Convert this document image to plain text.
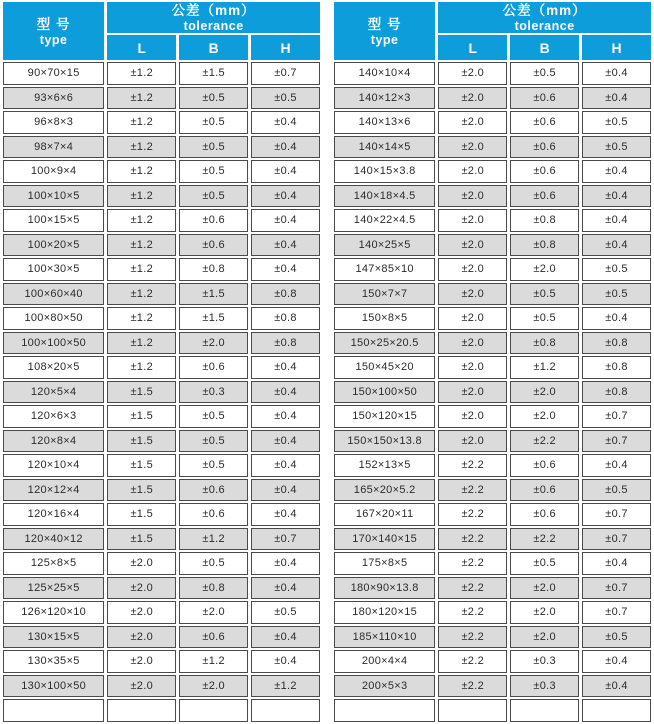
型 号
type

公差（mm）
tolerance

	L	B	H
90×70×15	±1.2	±1.5	±0.7
93×6×6	±1.2	±0.5	±0.5
96×8×3	±1.2	±0.5	±0.4
98×7×4	±1.2	±0.5	±0.4
100×9×4	±1.2	±0.5	±0.4
100×10×5	±1.2	±0.5	±0.4
100×15×5	±1.2	±0.6	±0.4
100×20×5	±1.2	±0.6	±0.4
100×30×5	±1.2	±0.8	±0.4
100×60×40	±1.2	±1.5	±0.8
100×80×50	±1.2	±1.5	±0.8
100×100×50	±1.2	±2.0	±0.8
108×20×5	±1.2	±0.6	±0.4
120×5×4	±1.5	±0.3	±0.4
120×6×3	±1.5	±0.5	±0.4
120×8×4	±1.5	±0.5	±0.4
120×10×4	±1.5	±0.5	±0.4
120×12×4	±1.5	±0.6	±0.4
120×16×4	±1.5	±0.6	±0.4
120×40×12	±1.5	±1.2	±0.7
125×8×5	±2.0	±0.5	±0.4
125×25×5	±2.0	±0.8	±0.4
126×120×10	±2.0	±2.0	±0.5
130×15×5	±2.0	±0.6	±0.4
130×35×5	±2.0	±1.2	±0.4
130×100×50	±2.0	±2.0	±1.2

型 号
type

公差（mm）
tolerance

	L	B	H
140×10×4	±2.0	±0.5	±0.4
140×12×3	±2.0	±0.6	±0.4
140×13×6	±2.0	±0.6	±0.5
140×14×5	±2.0	±0.6	±0.5
140×15×3.8	±2.0	±0.6	±0.4
140×18×4.5	±2.0	±0.6	±0.4
140×22×4.5	±2.0	±0.8	±0.4
140×25×5	±2.0	±0.8	±0.4
147×85×10	±2.0	±2.0	±0.5
150×7×7	±2.0	±0.5	±0.5
150×8×5	±2.0	±0.5	±0.4
150×25×20.5	±2.0	±0.8	±0.8
150×45×20	±2.0	±1.2	±0.8
150×100×50	±2.0	±2.0	±0.8
150×120×15	±2.0	±2.0	±0.7
150×150×13.8	±2.0	±2.2	±0.7
152×13×5	±2.2	±0.6	±0.4
165×20×5.2	±2.2	±0.6	±0.5
167×20×11	±2.2	±0.6	±0.7
170×140×15	±2.2	±2.2	±0.7
175×8×5	±2.2	±0.5	±0.4
180×90×13.8	±2.2	±2.0	±0.7
180×120×15	±2.2	±2.0	±0.7
185×110×10	±2.2	±2.0	±0.5
200×4×4	±2.2	±0.3	±0.4
200×5×3	±2.2	±0.3	±0.4
